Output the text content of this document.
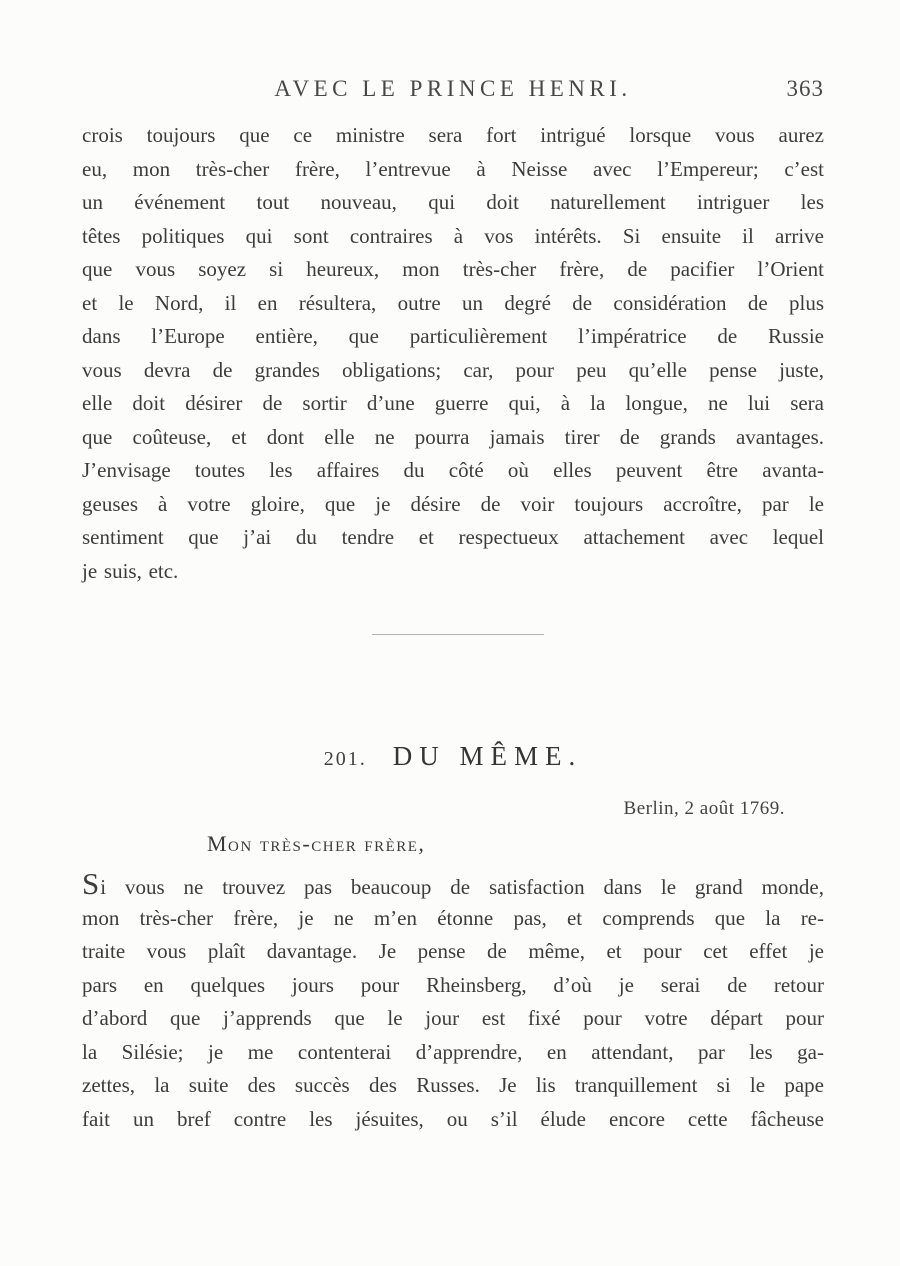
AVEC LE PRINCE HENRI.	363
crois toujours que ce ministre sera fort intrigué lorsque vous aurez
eu, mon très-cher frère, l’entrevue à Neisse avec l’Empereur; c’est
un événement tout nouveau, qui doit naturellement intriguer les
têtes politiques qui sont contraires à vos intérêts. Si ensuite il arrive
que vous soyez si heureux, mon très-cher frère, de pacifier l’Orient
et le Nord, il en résultera, outre un degré de considération de plus
dans l’Europe entière, que particulièrement l’impératrice de Russie
vous devra de grandes obligations; car, pour peu qu’elle pense juste,
elle doit désirer de sortir d’une guerre qui, à la longue, ne lui sera
que coûteuse, et dont elle ne pourra jamais tirer de grands avantages.
J’envisage toutes les affaires du côté où elles peuvent être avanta-
geuses à votre gloire, que je désire de voir toujours accroître, par le
sentiment que j’ai du tendre et respectueux attachement avec lequel
je suis, etc.
201. DU MÊME.
Berlin, 2 août 1769.
Mon très-cher frère,
Si vous ne trouvez pas beaucoup de satisfaction dans le grand monde,
mon très-cher frère, je ne m’en étonne pas, et comprends que la re-
traite vous plaît davantage. Je pense de même, et pour cet effet je
pars en quelques jours pour Rheinsberg, d’où je serai de retour
d’abord que j’apprends que le jour est fixé pour votre départ pour
la Silésie; je me contenterai d’apprendre, en attendant, par les ga-
zettes, la suite des succès des Russes. Je lis tranquillement si le pape
fait un bref contre les jésuites, ou s’il élude encore cette fâcheuse
